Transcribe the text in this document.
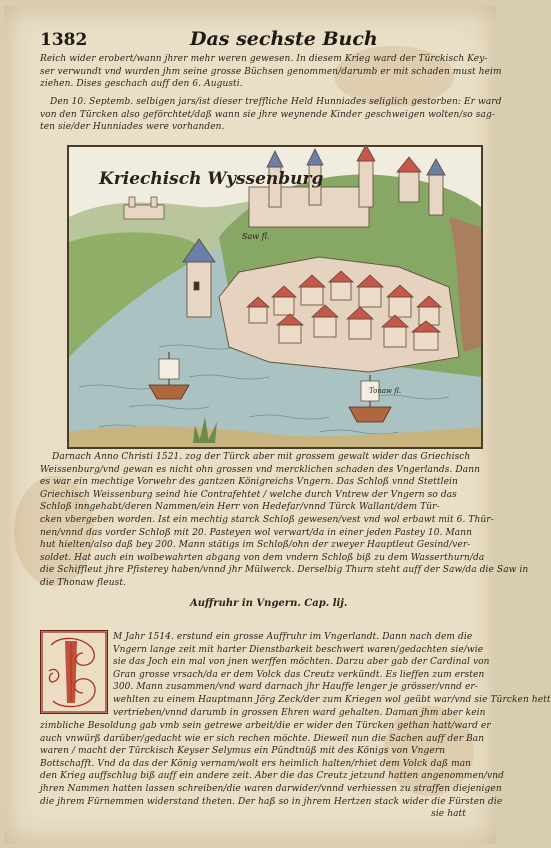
1382	Das sechste Buch
Reich wider erobert/wann jhrer mehr weren gewesen. In diesem Krieg ward der Türckisch Key-
ser verwundt vnd wurden jhm seine grosse Büchsen genommen/darumb er mit schaden must heim
ziehen. Dises geschach auff den 6. Augusti.
Den 10. Septemb. selbigen jars/ist dieser treffliche Held Hunniades seliglich gestorben: Er ward
von den Türcken also geförchtet/daß wann sie jhre weynende Kinder geschweigen wolten/so sag-
ten sie/der Hunniades were vorhanden.
Kriechisch Wyssenburg
Saw fl.
Tonaw fl.
Darnach Anno Christi 1521. zog der Türck aber mit grossem gewalt wider das Griechisch
Weissenburg/vnd gewan es nicht ohn grossen vnd mercklichen schaden des Vngerlands. Dann
es war ein mechtige Vorwehr des gantzen Königreichs Vngern. Das Schloß vnnd Stettlein
Griechisch Weissenburg seind hie Contrafehtet / welche durch Vntrew der Vngern so das
Schloß inngehabt/deren Nammen/ein Herr von Hedefar/vnnd Türck Wallant/dem Tür-
cken vbergeben worden. Ist ein mechtig starck Schloß gewesen/vest vnd wol erbawt mit 6. Thür-
nen/vnnd das vorder Schloß mit 20. Pasteyen wol verwart/da in einer jeden Pastey 10. Mann
hut hielten/also daß bey 200. Mann stätigs im Schloß/ohn der zweyer Hauptleut Gesind/ver-
soldet. Hat auch ein wolbewahrten abgang von dem vndern Schloß biß zu dem Wasserthurn/da
die Schiffleut jhre Pfisterey haben/vnnd jhr Mülwerck. Derselbig Thurn steht auff der Saw/da die Saw in
die Thonaw fleust.
Auffruhr in Vngern. Cap. lij.
M Jahr 1514. erstund ein grosse Auffruhr im Vngerlandt. Dann nach dem die
Vngern lange zeit mit harter Dienstbarkeit beschwert waren/gedachten sie/wie
sie das Joch ein mal von jnen werffen möchten. Darzu aber gab der Cardinal von
Gran grosse vrsach/da er dem Volck das Creutz verkündt. Es lieffen zum ersten
300. Mann zusammen/vnd ward darnach jhr Hauffe lenger je grösser/vnnd er-
wehlten zu einem Hauptmann Jörg Zeck/der zum Kriegen wol geübt war/vnd sie Türcken hett
vertrieben/vnnd darumb in grossen Ehren ward gehalten. Daman jhm aber kein
zimbliche Besoldung gab vmb sein getrewe arbeit/die er wider den Türcken gethan hatt/ward er
auch vnwürß darüber/gedacht wie er sich rechen möchte. Dieweil nun die Sachen auff der Ban
waren / macht der Türckisch Keyser Selymus ein Pündtnüß mit des Königs von Vngern
Bottschafft. Vnd da das der König vernam/wolt ers heimlich halten/rhiet dem Volck daß man
den Krieg auffschlug biß auff ein andere zeit. Aber die das Creutz jetzund hatten angenommen/vnd
jhren Nammen hatten lassen schreiben/die waren darwider/vnnd verhiessen zu straffen diejenigen
die jhrem Fürnemmen widerstand theten. Der haß so in jhrem Hertzen stack wider die Fürsten die
sie hatt
